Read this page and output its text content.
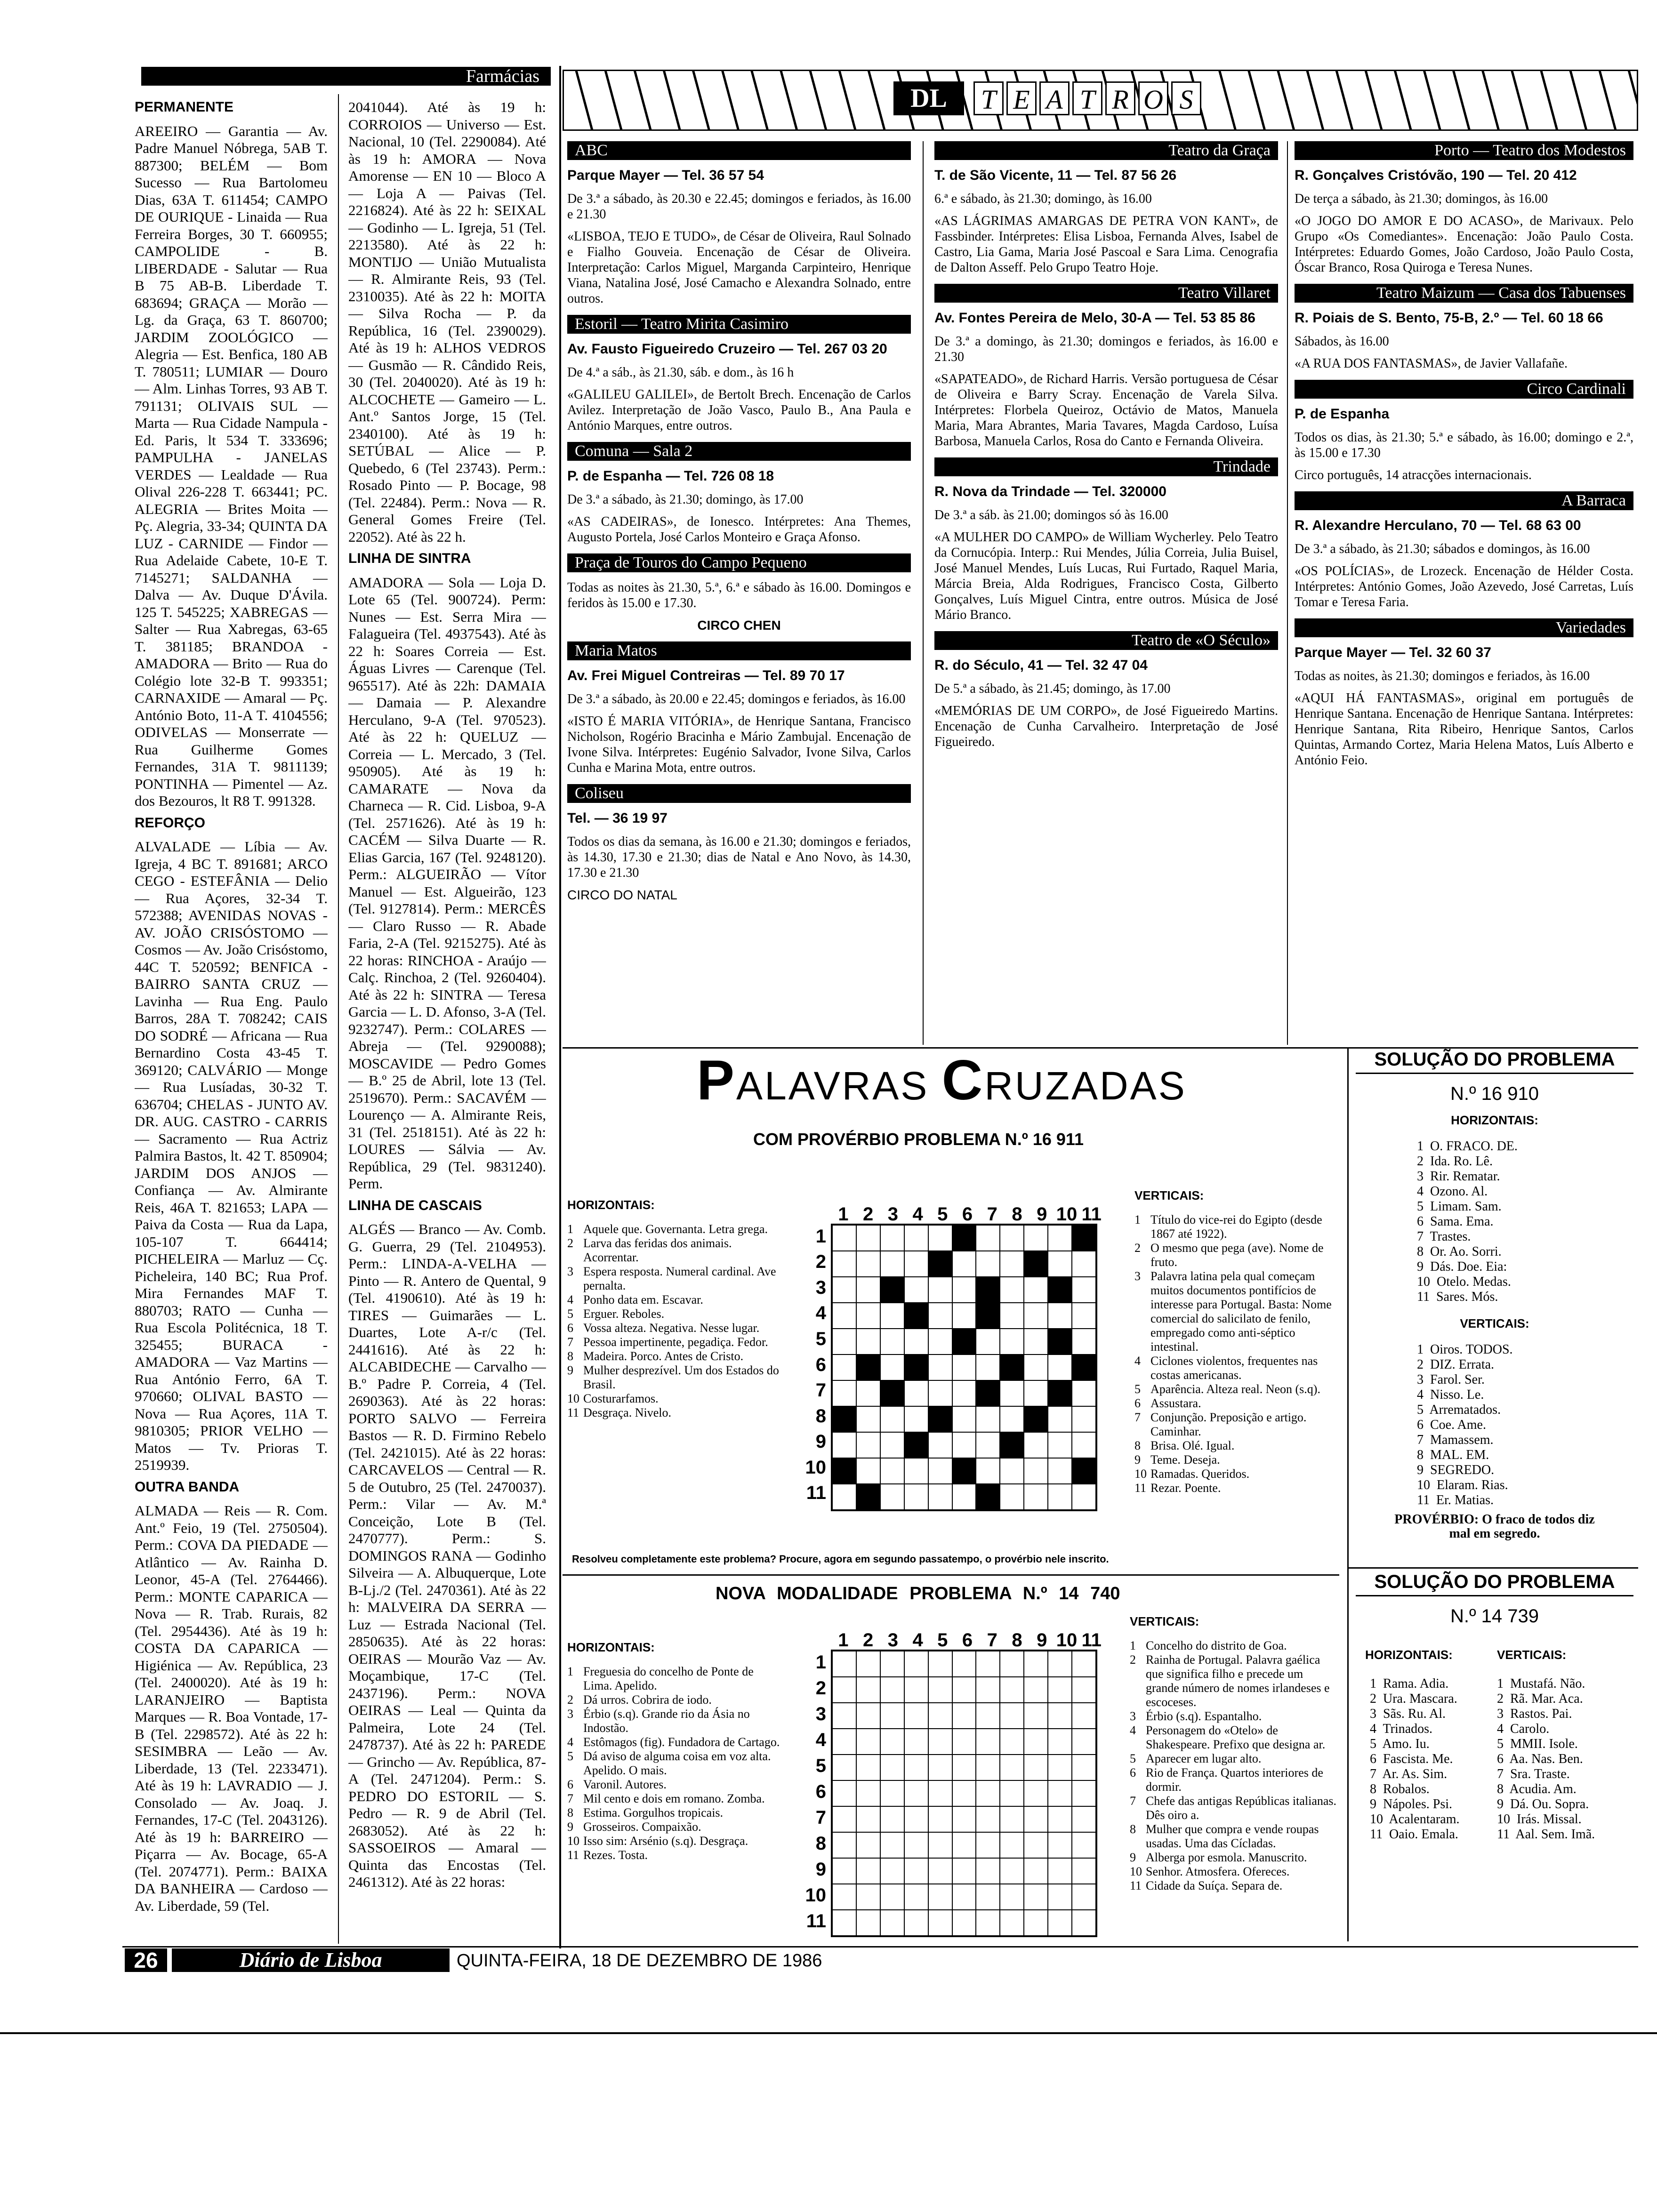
Farmácias
PERMANENTE

AREEIRO — Garantia — Av. Padre Manuel Nóbrega, 5AB T. 887300; BELÉM — Bom Sucesso — Rua Bartolomeu Dias, 63A T. 611454; CAMPO DE OURIQUE - Linaida — Rua Ferreira Borges, 30 T. 660955; CAMPOLIDE - B. LIBERDADE - Salutar — Rua B 75 AB-B. Liberdade T. 683694; GRAÇA — Morão — Lg. da Graça, 63 T. 860700; JARDIM ZOOLÓGICO — Alegria — Est. Benfica, 180 AB T. 780511; LUMIAR — Douro — Alm. Linhas Torres, 93 AB T. 791131; OLIVAIS SUL — Marta — Rua Cidade Nampula - Ed. Paris, lt 534 T. 333696; PAMPULHA - JANELAS VERDES — Lealdade — Rua Olival 226-228 T. 663441; PC. ALEGRIA — Brites Moita — Pç. Alegria, 33-34; QUINTA DA LUZ - CARNIDE — Findor — Rua Adelaide Cabete, 10-E T. 7145271; SALDANHA — Dalva — Av. Duque D'Ávila. 125 T. 545225; XABREGAS — Salter — Rua Xabregas, 63-65 T. 381185; BRANDOA - AMADORA — Brito — Rua do Colégio lote 32-B T. 993351; CARNAXIDE — Amaral — Pç. António Boto, 11-A T. 4104556; ODIVELAS — Monserrate — Rua Guilherme Gomes Fernandes, 31A T. 9811139; PONTINHA — Pimentel — Az. dos Bezouros, lt R8 T. 991328.

REFORÇO

ALVALADE — Líbia — Av. Igreja, 4 BC T. 891681; ARCO CEGO - ESTEFÂNIA — Delio — Rua Açores, 32-34 T. 572388; AVENIDAS NOVAS - AV. JOÃO CRISÓSTOMO — Cosmos — Av. João Crisóstomo, 44C T. 520592; BENFICA - BAIRRO SANTA CRUZ — Lavinha — Rua Eng. Paulo Barros, 28A T. 708242; CAIS DO SODRÉ — Africana — Rua Bernardino Costa 43-45 T. 369120; CALVÁRIO — Monge — Rua Lusíadas, 30-32 T. 636704; CHELAS - JUNTO AV. DR. AUG. CASTRO - CARRIS — Sacramento — Rua Actriz Palmira Bastos, lt. 42 T. 850904; JARDIM DOS ANJOS — Confiança — Av. Almirante Reis, 46A T. 821653; LAPA — Paiva da Costa — Rua da Lapa, 105-107 T. 664414; PICHELEIRA — Marluz — Cç. Picheleira, 140 BC; Rua Prof. Mira Fernandes MAF T. 880703; RATO — Cunha — Rua Escola Politécnica, 18 T. 325455; BURACA - AMADORA — Vaz Martins — Rua António Ferro, 6A T. 970660; OLIVAL BASTO — Nova — Rua Açores, 11A T. 9810305; PRIOR VELHO — Matos — Tv. Prioras T. 2519939.

OUTRA BANDA

ALMADA — Reis — R. Com. Ant.º Feio, 19 (Tel. 2750504). Perm.: COVA DA PIEDADE — Atlântico — Av. Rainha D. Leonor, 45-A (Tel. 2764466). Perm.: MONTE CAPARICA — Nova — R. Trab. Rurais, 82 (Tel. 2954436). Até às 19 h: COSTA DA CAPARICA — Higiénica — Av. República, 23 (Tel. 2400020). Até às 19 h: LARANJEIRO — Baptista Marques — R. Boa Vontade, 17-B (Tel. 2298572). Até às 22 h: SESIMBRA — Leão — Av. Liberdade, 13 (Tel. 2233471). Até às 19 h: LAVRADIO — J. Consolado — Av. Joaq. J. Fernandes, 17-C (Tel. 2043126). Até às 19 h: BARREIRO — Piçarra — Av. Bocage, 65-A (Tel. 2074771). Perm.: BAIXA DA BANHEIRA — Cardoso — Av. Liberdade, 59 (Tel.

2041044). Até às 19 h: CORROIOS — Universo — Est. Nacional, 10 (Tel. 2290084). Até às 19 h: AMORA — Nova Amorense — EN 10 — Bloco A — Loja A — Paivas (Tel. 2216824). Até às 22 h: SEIXAL — Godinho — L. Igreja, 51 (Tel. 2213580). Até às 22 h: MONTIJO — União Mutualista — R. Almirante Reis, 93 (Tel. 2310035). Até às 22 h: MOITA — Silva Rocha — P. da República, 16 (Tel. 2390029). Até às 19 h: ALHOS VEDROS — Gusmão — R. Cândido Reis, 30 (Tel. 2040020). Até às 19 h: ALCOCHETE — Gameiro — L. Ant.º Santos Jorge, 15 (Tel. 2340100). Até às 19 h: SETÚBAL — Alice — P. Quebedo, 6 (Tel 23743). Perm.: Rosado Pinto — P. Bocage, 98 (Tel. 22484). Perm.: Nova — R. General Gomes Freire (Tel. 22052). Até às 22 h.

LINHA DE SINTRA

AMADORA — Sola — Loja D. Lote 65 (Tel. 900724). Perm: Nunes — Est. Serra Mira — Falagueira (Tel. 4937543). Até às 22 h: Soares Correia — Est. Águas Livres — Carenque (Tel. 965517). Até às 22h: DAMAIA — Damaia — P. Alexandre Herculano, 9-A (Tel. 970523). Até às 22 h: QUELUZ — Correia — L. Mercado, 3 (Tel. 950905). Até às 19 h: CAMARATE — Nova da Charneca — R. Cid. Lisboa, 9-A (Tel. 2571626). Até às 19 h: CACÉM — Silva Duarte — R. Elias Garcia, 167 (Tel. 9248120). Perm.: ALGUEIRÃO — Vítor Manuel — Est. Algueirão, 123 (Tel. 9127814). Perm.: MERCÊS — Claro Russo — R. Abade Faria, 2-A (Tel. 9215275). Até às 22 horas: RINCHOA - Araújo — Calç. Rinchoa, 2 (Tel. 9260404). Até às 22 h: SINTRA — Teresa Garcia — L. D. Afonso, 3-A (Tel. 9232747). Perm.: COLARES — Abreja — (Tel. 9290088); MOSCAVIDE — Pedro Gomes — B.º 25 de Abril, lote 13 (Tel. 2519670). Perm.: SACAVÉM — Lourenço — A. Almirante Reis, 31 (Tel. 2518151). Até às 22 h: LOURES — Sálvia — Av. República, 29 (Tel. 9831240). Perm.

LINHA DE CASCAIS

ALGÉS — Branco — Av. Comb. G. Guerra, 29 (Tel. 2104953). Perm.: LINDA-A-VELHA — Pinto — R. Antero de Quental, 9 (Tel. 4190610). Até às 19 h: TIRES — Guimarães — L. Duartes, Lote A-r/c (Tel. 2441616). Até às 22 h: ALCABIDECHE — Carvalho — B.º Padre P. Correia, 4 (Tel. 2690363). Até às 22 horas: PORTO SALVO — Ferreira Bastos — R. D. Firmino Rebelo (Tel. 2421015). Até às 22 horas: CARCAVELOS — Central — R. 5 de Outubro, 25 (Tel. 2470037). Perm.: Vilar — Av. M.ª Conceição, Lote B (Tel. 2470777). Perm.: S. DOMINGOS RANA — Godinho Silveira — A. Albuquerque, Lote B-Lj./2 (Tel. 2470361). Até às 22 h: MALVEIRA DA SERRA — Luz — Estrada Nacional (Tel. 2850635). Até às 22 horas: OEIRAS — Mourão Vaz — Av. Moçambique, 17-C (Tel. 2437196). Perm.: NOVA OEIRAS — Leal — Quinta da Palmeira, Lote 24 (Tel. 2478737). Até às 22 h: PAREDE — Grincho — Av. República, 87-A (Tel. 2471204). Perm.: S. PEDRO DO ESTORIL — S. Pedro — R. 9 de Abril (Tel. 2683052). Até às 22 h: SASSOEIROS — Amaral — Quinta das Encostas (Tel. 2461312). Até às 22 horas:

DL	T E A T R O S
ABC
Parque Mayer — Tel. 36 57 54

De 3.ª a sábado, às 20.30 e 22.45; domingos e feriados, às 16.00 e 21.30

«LISBOA, TEJO E TUDO», de César de Oliveira, Raul Solnado e Fialho Gouveia. Encenação de César de Oliveira. Interpretação: Carlos Miguel, Marganda Carpinteiro, Henrique Viana, Natalina José, José Camacho e Alexandra Solnado, entre outros.

Estoril — Teatro Mirita Casimiro
Av. Fausto Figueiredo Cruzeiro — Tel. 267 03 20

De 4.ª a sáb., às 21.30, sáb. e dom., às 16 h

«GALILEU GALILEI», de Bertolt Brech. Encenação de Carlos Avilez. Interpretação de João Vasco, Paulo B., Ana Paula e António Marques, entre outros.

Comuna — Sala 2
P. de Espanha — Tel. 726 08 18

De 3.ª a sábado, às 21.30; domingo, às 17.00

«AS CADEIRAS», de Ionesco. Intérpretes: Ana Themes, Augusto Portela, José Carlos Monteiro e Graça Afonso.

Praça de Touros do Campo Pequeno

Todas as noites às 21.30, 5.ª, 6.ª e sábado às 16.00. Domingos e feridos às 15.00 e 17.30.

CIRCO CHEN

Maria Matos
Av. Frei Miguel Contreiras — Tel. 89 70 17

De 3.ª a sábado, às 20.00 e 22.45; domingos e feriados, às 16.00

«ISTO É MARIA VITÓRIA», de Henrique Santana, Francisco Nicholson, Rogério Bracinha e Mário Zambujal. Encenação de Ivone Silva. Intérpretes: Eugénio Salvador, Ivone Silva, Carlos Cunha e Marina Mota, entre outros.

Coliseu
Tel. — 36 19 97

Todos os dias da semana, às 16.00 e 21.30; domingos e feriados, às 14.30, 17.30 e 21.30; dias de Natal e Ano Novo, às 14.30, 17.30 e 21.30

CIRCO DO NATAL

Teatro da Graça
T. de São Vicente, 11 — Tel. 87 56 26

6.ª e sábado, às 21.30; domingo, às 16.00

«AS LÁGRIMAS AMARGAS DE PETRA VON KANT», de Fassbinder. Intérpretes: Elisa Lisboa, Fernanda Alves, Isabel de Castro, Lia Gama, Maria José Pascoal e Sara Lima. Cenografia de Dalton Asseff. Pelo Grupo Teatro Hoje.

Teatro Villaret
Av. Fontes Pereira de Melo, 30-A — Tel. 53 85 86

De 3.ª a domingo, às 21.30; domingos e feriados, às 16.00 e 21.30

«SAPATEADO», de Richard Harris. Versão portuguesa de César de Oliveira e Barry Scray. Encenação de Varela Silva. Intérpretes: Florbela Queiroz, Octávio de Matos, Manuela Maria, Mara Abrantes, Maria Tavares, Magda Cardoso, Luísa Barbosa, Manuela Carlos, Rosa do Canto e Fernanda Oliveira.

Trindade
R. Nova da Trindade — Tel. 320000

De 3.ª a sáb. às 21.00; domingos só às 16.00

«A MULHER DO CAMPO» de William Wycherley. Pelo Teatro da Cornucópia. Interp.: Rui Mendes, Júlia Correia, Julia Buisel, José Manuel Mendes, Luís Lucas, Rui Furtado, Raquel Maria, Márcia Breia, Alda Rodrigues, Francisco Costa, Gilberto Gonçalves, Luís Miguel Cintra, entre outros. Música de José Mário Branco.

Teatro de «O Século»
R. do Século, 41 — Tel. 32 47 04

De 5.ª a sábado, às 21.45; domingo, às 17.00

«MEMÓRIAS DE UM CORPO», de José Figueiredo Martins. Encenação de Cunha Carvalheiro. Interpretação de José Figueiredo.

Porto — Teatro dos Modestos
R. Gonçalves Cristóvão, 190 — Tel. 20 412

De terça a sábado, às 21.30; domingos, às 16.00

«O JOGO DO AMOR E DO ACASO», de Marivaux. Pelo Grupo «Os Comediantes». Encenação: João Paulo Costa. Intérpretes: Eduardo Gomes, João Cardoso, João Paulo Costa, Óscar Branco, Rosa Quiroga e Teresa Nunes.

Teatro Maizum — Casa dos Tabuenses
R. Poiais de S. Bento, 75-B, 2.º — Tel. 60 18 66

Sábados, às 16.00

«A RUA DOS FANTASMAS», de Javier Vallafañe.

Circo Cardinali
P. de Espanha

Todos os dias, às 21.30; 5.ª e sábado, às 16.00; domingo e 2.ª, às 15.00 e 17.30

Circo português, 14 atracções internacionais.

A Barraca
R. Alexandre Herculano, 70 — Tel. 68 63 00

De 3.ª a sábado, às 21.30; sábados e domingos, às 16.00

«OS POLÍCIAS», de Lrozeck. Encenação de Hélder Costa. Intérpretes: António Gomes, João Azevedo, José Carretas, Luís Tomar e Teresa Faria.

Variedades
Parque Mayer — Tel. 32 60 37

Todas as noites, às 21.30; domingos e feriados, às 16.00

«AQUI HÁ FANTASMAS», original em português de Henrique Santana. Encenação de Henrique Santana. Intérpretes: Henrique Santana, Rita Ribeiro, Henrique Santos, Carlos Quintas, Armando Cortez, Maria Helena Matos, Luís Alberto e António Feio.

PALAVRAS CRUZADAS
COM PROVÉRBIO PROBLEMA N.º 16 911
HORIZONTAIS:
1 Aquele que. Governanta. Letra grega.
2 Larva das feridas dos animais. Acorrentar.
3 Espera resposta. Numeral cardinal. Ave pernalta.
4 Ponho data em. Escavar.
5 Erguer. Reboles.
6 Vossa alteza. Negativa. Nesse lugar.
7 Pessoa impertinente, pegadiça. Fedor.
8 Madeira. Porco. Antes de Cristo.
9 Mulher desprezível. Um dos Estados do Brasil.
10 Costurarfamos.
11 Desgraça. Nivelo.
1 2 3 4 5 6 7 8 9 10 11
1
2
3
4
5
6
7
8
9
10
11
VERTICAIS:
1 Título do vice-rei do Egipto (desde 1867 até 1922).
2 O mesmo que pega (ave). Nome de fruto.
3 Palavra latina pela qual começam muitos documentos pontifícios de interesse para Portugal. Basta: Nome comercial do salicilato de fenilo, empregado como anti-séptico intestinal.
4 Ciclones violentos, frequentes nas costas americanas.
5 Aparência. Alteza real. Neon (s.q).
6 Assustara.
7 Conjunção. Preposição e artigo. Caminhar.
8 Brisa. Olé. Igual.
9 Teme. Deseja.
10 Ramadas. Queridos.
11 Rezar. Poente.
Resolveu completamente este problema? Procure, agora em segundo passatempo, o provérbio nele inscrito.
NOVA MODALIDADE PROBLEMA N.º 14 740
HORIZONTAIS:
1 Freguesia do concelho de Ponte de Lima. Apelido.
2 Dá urros. Cobrira de iodo.
3 Érbio (s.q). Grande rio da Ásia no Indostão.
4 Estômagos (fig). Fundadora de Cartago.
5 Dá aviso de alguma coisa em voz alta. Apelido. O mais.
6 Varonil. Autores.
7 Mil cento e dois em romano. Zomba.
8 Estima. Gorgulhos tropicais.
9 Grosseiros. Compaixão.
10 Isso sim: Arsénio (s.q). Desgraça.
11 Rezes. Tosta.
1 2 3 4 5 6 7 8 9 10 11
1
2
3
4
5
6
7
8
9
10
11
VERTICAIS:
1 Concelho do distrito de Goa.
2 Rainha de Portugal. Palavra gaélica que significa filho e precede um grande número de nomes irlandeses e escoceses.
3 Érbio (s.q). Espantalho.
4 Personagem do «Otelo» de Shakespeare. Prefixo que designa ar.
5 Aparecer em lugar alto.
6 Rio de França. Quartos interiores de dormir.
7 Chefe das antigas Repúblicas italianas. Dês oiro a.
8 Mulher que compra e vende roupas usadas. Uma das Cícladas.
9 Alberga por esmola. Manuscrito.
10 Senhor. Atmosfera. Ofereces.
11 Cidade da Suíça. Separa de.
SOLUÇÃO DO PROBLEMA
N.º 16 910
HORIZONTAIS:
1  O. FRACO. DE.
2  Ida. Ro. Lê.
3  Rir. Rematar.
4  Ozono. Al.
5  Limam. Sam.
6  Sama. Ema.
7  Trastes.
8  Or. Ao. Sorri.
9  Dás. Doe. Eia:
10  Otelo. Medas.
11  Sares. Mós.
VERTICAIS:
1  Oiros. TODOS.
2  DIZ. Errata.
3  Farol. Ser.
4  Nisso. Le.
5  Arrematados.
6  Coe. Ame.
7  Mamassem.
8  MAL. EM.
9  SEGREDO.
10  Elaram. Rias.
11  Er. Matias.
PROVÉRBIO: O fraco de todos diz mal em segredo.
SOLUÇÃO DO PROBLEMA
N.º 14 739
HORIZONTAIS:
1  Rama. Adia.
2  Ura. Mascara.
3  Sãs. Ru. Al.
4  Trinados.
5  Amo. Iu.
6  Fascista. Me.
7  Ar. As. Sim.
8  Robalos.
9  Nápoles. Psi.
10  Acalentaram.
11  Oaio. Emala.
VERTICAIS:
1  Mustafá. Não.
2  Rã. Mar. Aca.
3  Rastos. Pai.
4  Carolo.
5  MMII. Isole.
6  Aa. Nas. Ben.
7  Sra. Traste.
8  Acudia. Am.
9  Dá. Ou. Sopra.
10  Irás. Missal.
11  Aal. Sem. Imã.
26	Diário de Lisboa	QUINTA-FEIRA, 18 DE DEZEMBRO DE 1986
